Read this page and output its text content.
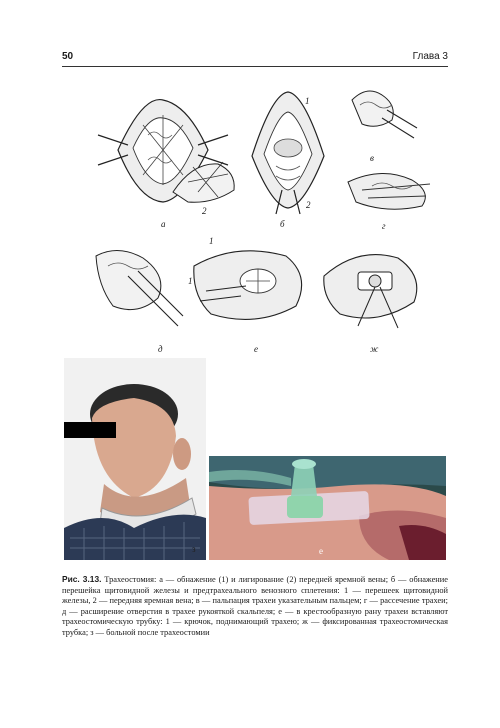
50	Глава 3
2
а
1
2
б
в
г
д
1
1
е	ж
з	е
Рис. 3.13. Трахеостомия: а — обнажение (1) и лигирование (2) передней яремной вены; б — обнажение перешейка щитовидной железы и предтрахеального венозного сплетения: 1 — перешеек щитовидной железы, 2 — передняя яремная вена; в — пальпация трахеи указательным пальцем; г — рассечение трахеи; д — расширение отверстия в трахее рукояткой скальпеля; е — в крестообразную рану трахеи вставляют трахеостомическую трубку: 1 — крючок, поднимающий трахею; ж — фиксированная трахеостомическая трубка; з — больной после трахеостомии
